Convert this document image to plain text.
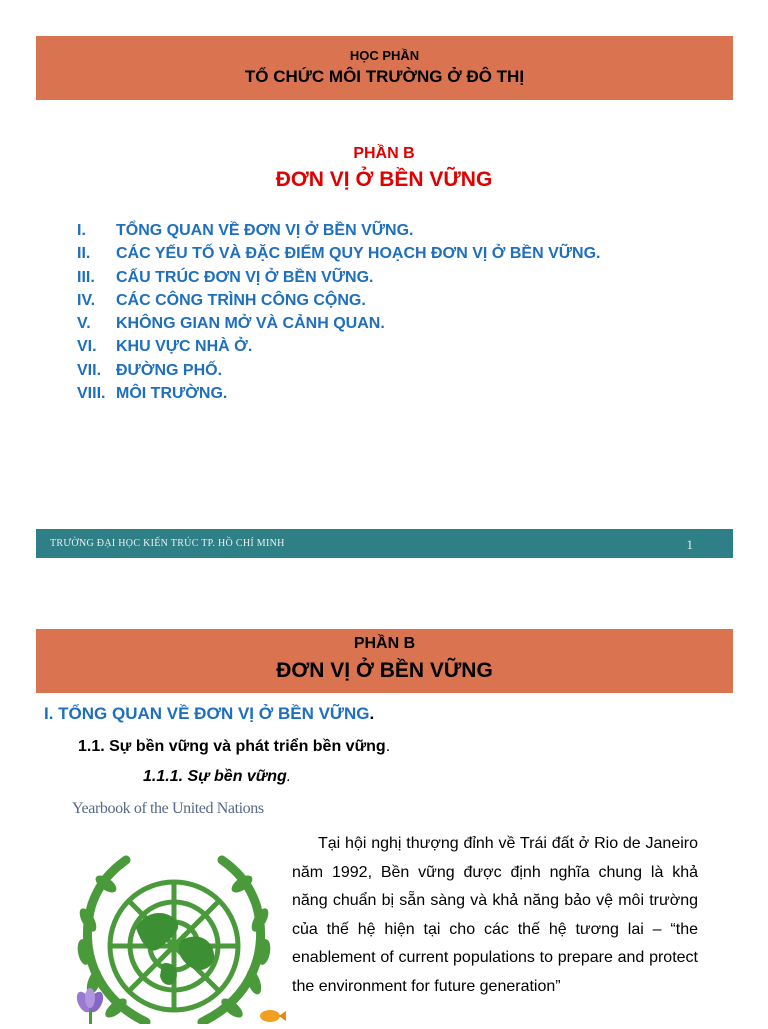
HỌC PHẦN
TỔ CHỨC MÔI TRƯỜNG Ở ĐÔ THỊ
PHẦN B
ĐƠN VỊ Ở BỀN VỮNG
I. TỔNG QUAN VỀ ĐƠN VỊ Ở BỀN VỮNG.
II. CÁC YẾU TỐ VÀ ĐẶC ĐIỂM QUY HOẠCH ĐƠN VỊ Ở BỀN VỮNG.
III. CẤU TRÚC ĐƠN VỊ Ở BỀN VỮNG.
IV. CÁC CÔNG TRÌNH CÔNG CỘNG.
V. KHÔNG GIAN MỞ VÀ CẢNH QUAN.
VI. KHU VỰC NHÀ Ở.
VII. ĐƯỜNG PHỐ.
VIII. MÔI TRƯỜNG.
TRƯỜNG ĐẠI HỌC KIẾN TRÚC TP. HỒ CHÍ MINH	1
PHẦN B
ĐƠN VỊ Ở BỀN VỮNG
I. TỔNG QUAN VỀ ĐƠN VỊ Ở BỀN VỮNG.
1.1. Sự bền vững và phát triển bền vững.
1.1.1. Sự bền vững.
Yearbook of the United Nations
Tại hội nghị thượng đỉnh về Trái đất ở Rio de Janeiro năm 1992, Bền vững được định nghĩa chung là khả năng chuẩn bị sẵn sàng và khả năng bảo vệ môi trường của thế hệ hiện tại cho các thế hệ tương lai – “the enablement of current populations to prepare and protect the environment for future generation”
